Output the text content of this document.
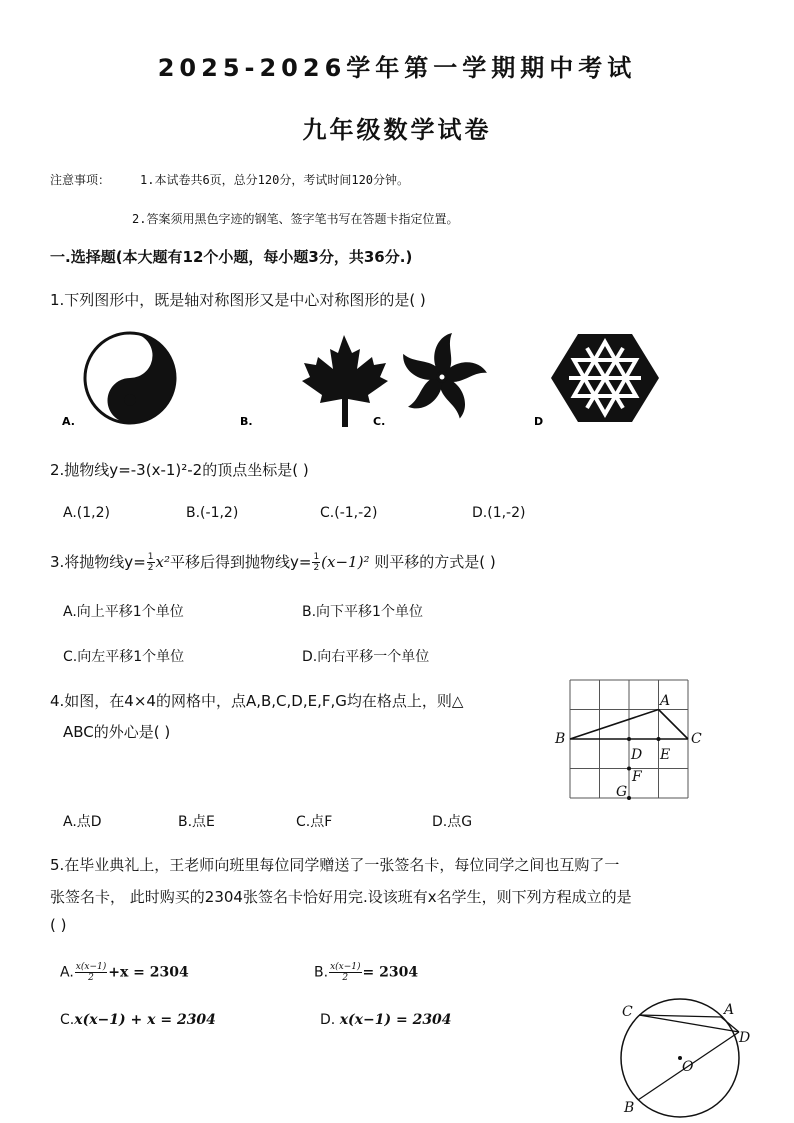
2025-2026学年第一学期期中考试
九年级数学试卷
注意事项： 1.本试卷共6页，总分120分，考试时间120分钟。
2.答案须用黑色字迹的钢笔、签字笔书写在答题卡指定位置。
一.选择题(本大题有12个小题，每小题3分，共36分.)
1.下列图形中，既是轴对称图形又是中心对称图形的是( )
A.	B.	C.	D
2.抛物线y=-3(x-1)²-2的顶点坐标是( )
A.(1,2)	B.(-1,2)	C.(-1,-2)	D.(1,-2)
3.将抛物线$y= \frac{1}{2} x^2$平移后得到抛物线$y= \frac{1}{2} (x-1)^2$ 则平移的方式是( )
A.向上平移1个单位	B.向下平移1个单位
C.向左平移1个单位	D.向右平移一个单位
4.如图，在4×4的网格中，点A,B,C,D,E,F,G均在格点上，则△
ABC的外心是( )
A
B	C
D E
F
G
A.点D	B.点E	C.点F	D.点G
5.在毕业典礼上，王老师向班里每位同学赠送了一张签名卡，每位同学之间也互购了一
张签名卡， 此时购买的2304张签名卡恰好用完.设该班有x名学生，则下列方程成立的是
( )
A. $\frac{x(x-1)}{2} +x = 2304$	B. $\frac{x(x-1)}{2} = 2304$
C.x(x−1) + x = 2304	D. x(x−1) = 2304	C	A
D
O
B
